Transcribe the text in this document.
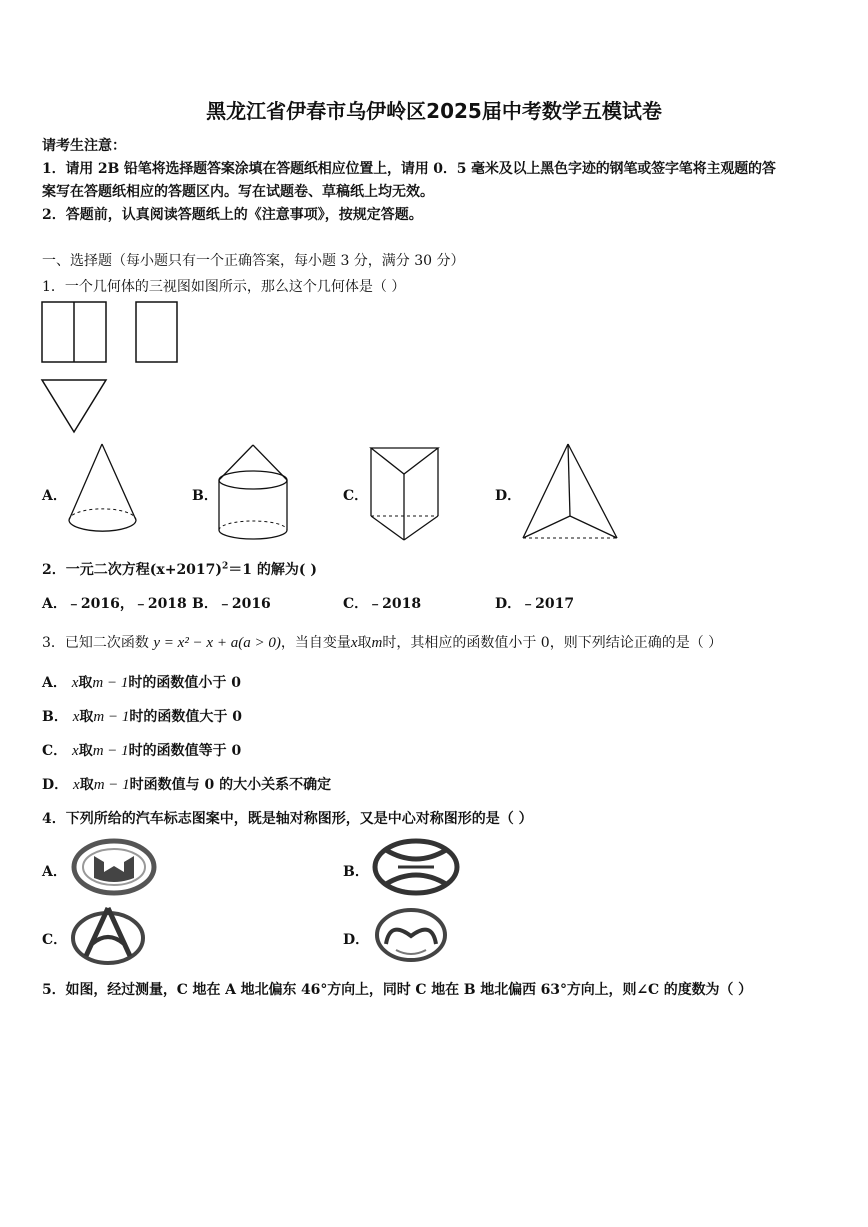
黑龙江省伊春市乌伊岭区2025届中考数学五模试卷
请考生注意：
1．请用 2B 铅笔将选择题答案涂填在答题纸相应位置上，请用 0．5 毫米及以上黑色字迹的钢笔或签字笔将主观题的答
案写在答题纸相应的答题区内。写在试题卷、草稿纸上均无效。
2．答题前，认真阅读答题纸上的《注意事项》，按规定答题。
一、选择题（每小题只有一个正确答案，每小题 3 分，满分 30 分）
1．一个几何体的三视图如图所示，那么这个几何体是（ ）
A．	B．	C．	D．
2．一元二次方程$(x+2017)^2=1$ 的解为( )
A．﹣2016，﹣2018 B．﹣2016	C．﹣2018	D．﹣2017
3．已知二次函数 y = x² − x + a(a > 0)，当自变量x取m时，其相应的函数值小于 0，则下列结论正确的是（ ）
A． x取m − 1时的函数值小于 0
B． x取m − 1时的函数值大于 0
C． x取m − 1时的函数值等于 0
D． x取m − 1时函数值与 0 的大小关系不确定
4．下列所给的汽车标志图案中，既是轴对称图形，又是中心对称图形的是（ ）
A．	B．
C．	D．
5．如图，经过测量，C 地在 A 地北偏东 46°方向上，同时 C 地在 B 地北偏西 63°方向上，则∠C 的度数为（ ）
